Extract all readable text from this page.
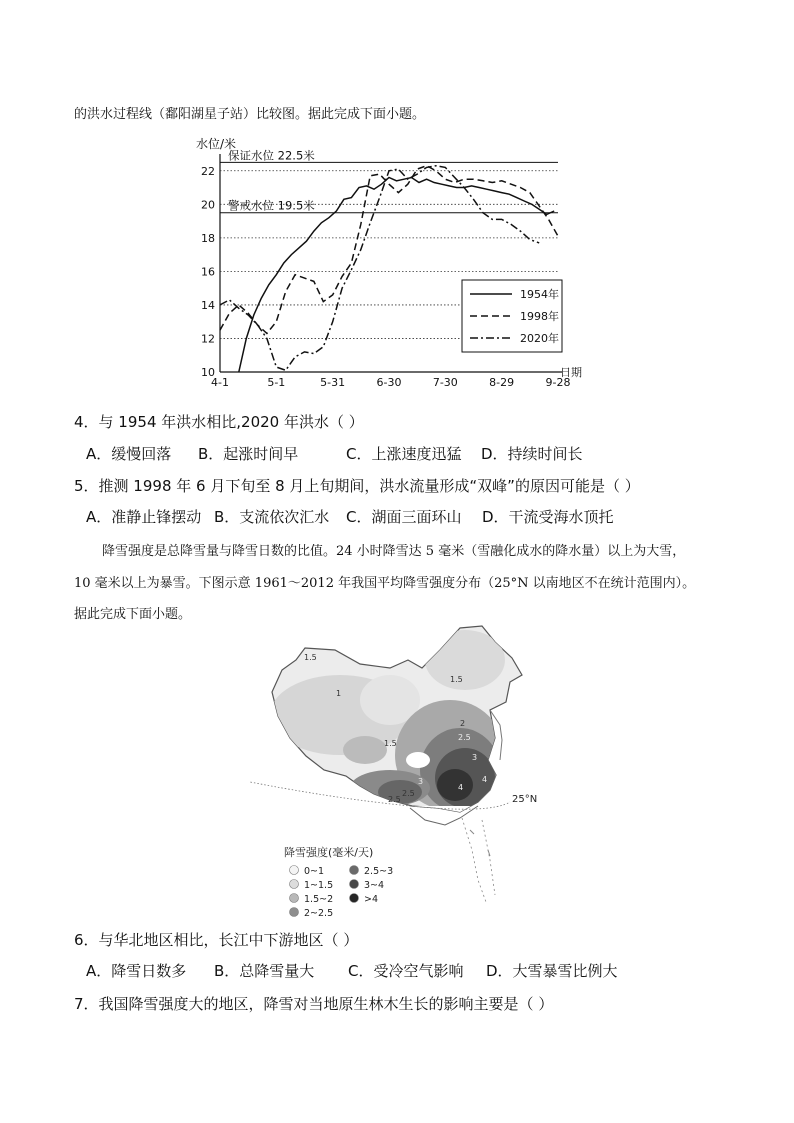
的洪水过程线（鄱阳湖星子站）比较图。据此完成下面小题。
水位/米
日期
保证水位 22.5米
警戒水位 19.5米
10
12
14
16
18
20
22
4-1	5-1	5-31	6-30	7-30	8-29	9-28
1954年
1998年
2020年
4．与 1954 年洪水相比,2020 年洪水（ ）
A．缓慢回落 B．起涨时间早	C．上涨速度迅猛 D．持续时间长
5．推测 1998 年 6 月下旬至 8 月上旬期间，洪水流量形成“双峰”的原因可能是（ ）
A．准静止锋摆动 B．支流依次汇水 C．湖面三面环山 D．干流受海水顶托
降雪强度是总降雪量与降雪日数的比值。24 小时降雪达 5 毫米（雪融化成水的降水量）以上为大雪，
10 毫米以上为暴雪。下图示意 1961～2012 年我国平均降雪强度分布（25°N 以南地区不在统计范围内）。
据此完成下面小题。
25°N
1.5
1
1.5
1.5
2
2.5
3
4
4
3
2.5
2.5
降雪强度(毫米/天)
0~1
1~1.5
1.5~2
2~2.5
2.5~3
3~4
>4
6．与华北地区相比，长江中下游地区（ ）
A．降雪日数多 B．总降雪量大 C．受冷空气影响 D．大雪暴雪比例大
7．我国降雪强度大的地区，降雪对当地原生林木生长的影响主要是（ ）
